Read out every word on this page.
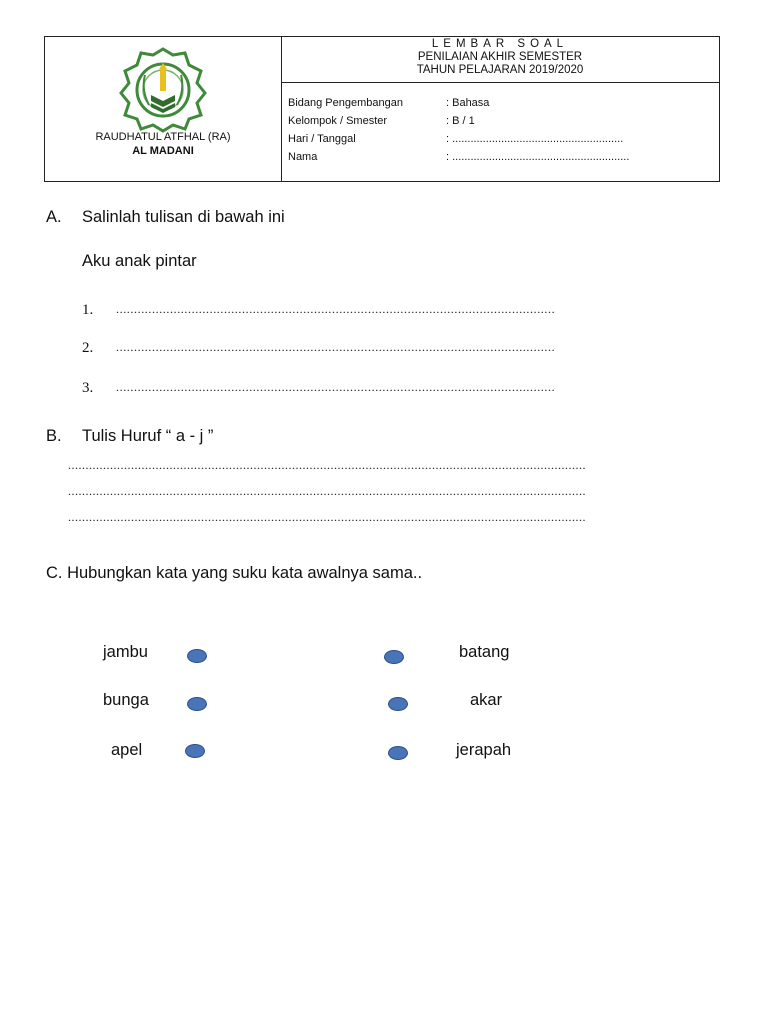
RAUDHATUL ATFHAL (RA)
AL MADANI
LEMBAR SOAL
PENILAIAN AKHIR SEMESTER
TAHUN PELAJARAN 2019/2020
Bidang Pengembangan	: Bahasa
Kelompok / Smester	: B / 1
Hari / Tanggal	: ........................................................
Nama	: ..........................................................
A. Salinlah tulisan di bawah ini
Aku anak pintar
1. ..........................................................................................................................
2. ..........................................................................................................................
3. ..........................................................................................................................
B. Tulis Huruf “ a - j ”
....................................................................................................................................................
....................................................................................................................................................
....................................................................................................................................................
C. Hubungkan kata yang suku kata awalnya sama..
jambu
bunga
apel
batang
akar
jerapah
